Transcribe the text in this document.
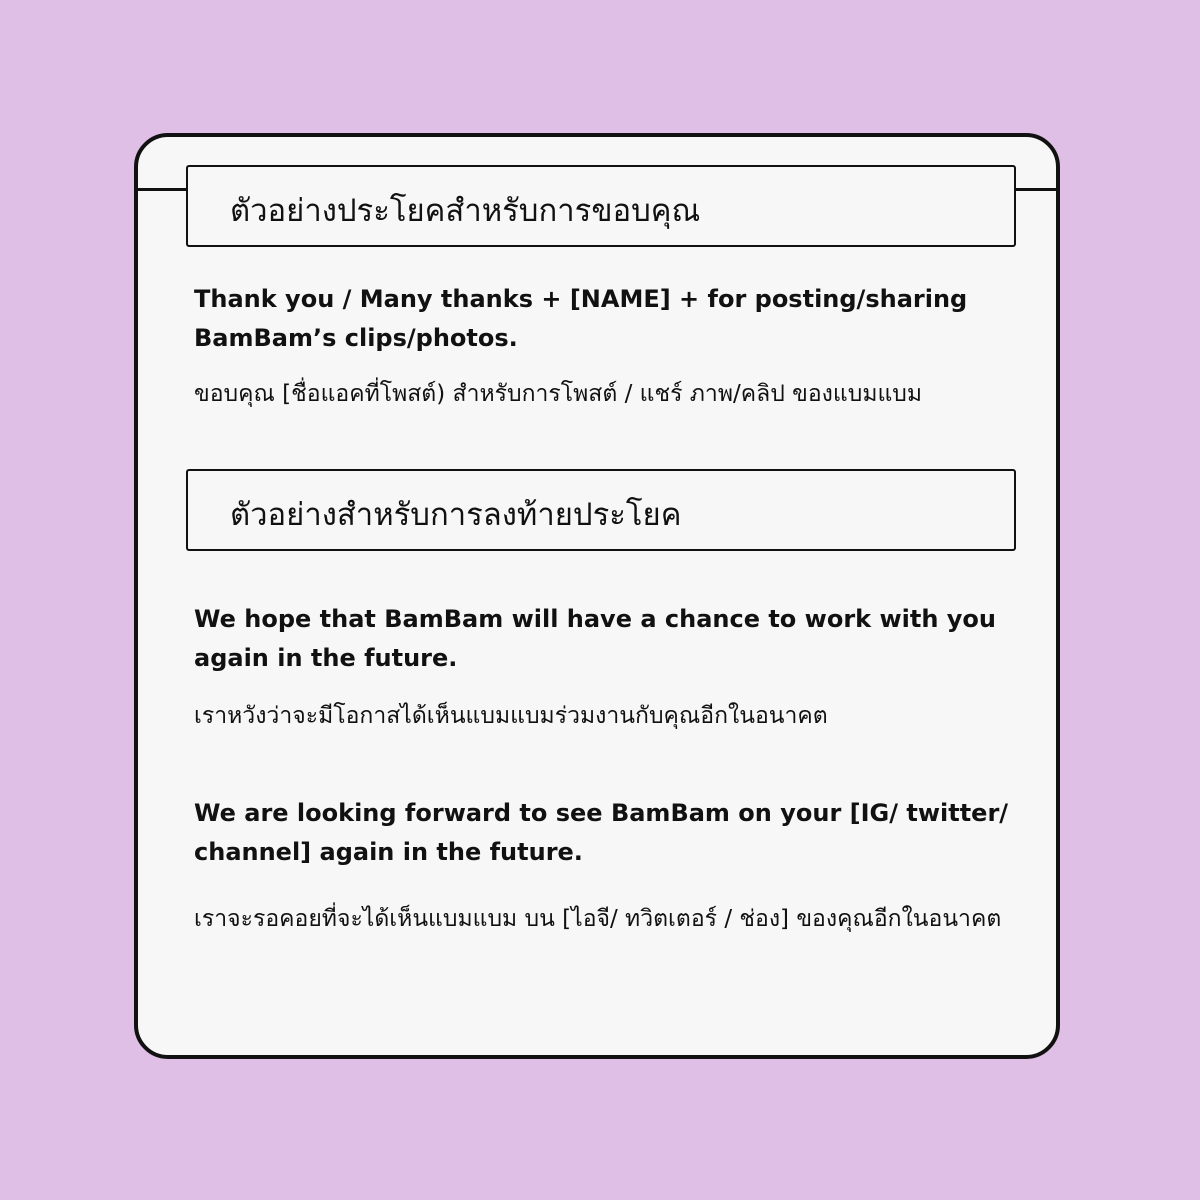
ตัวอย่างประโยคสำหรับการขอบคุณ
Thank you / Many thanks + [NAME] + for posting/sharing BamBam’s clips/photos.
ขอบคุณ [ชื่อแอคที่โพสต์) สำหรับการโพสต์ / แชร์ ภาพ/คลิป ของแบมแบม
ตัวอย่างสำหรับการลงท้ายประโยค
We hope that BamBam will have a chance to work with you again in the future.
เราหวังว่าจะมีโอกาสได้เห็นแบมแบมร่วมงานกับคุณอีกในอนาคต
We are looking forward to see BamBam on your [IG/ twitter/ channel] again in the future.
เราจะรอคอยที่จะได้เห็นแบมแบม บน [ไอจี/ ทวิตเตอร์ / ช่อง] ของคุณอีกในอนาคต
